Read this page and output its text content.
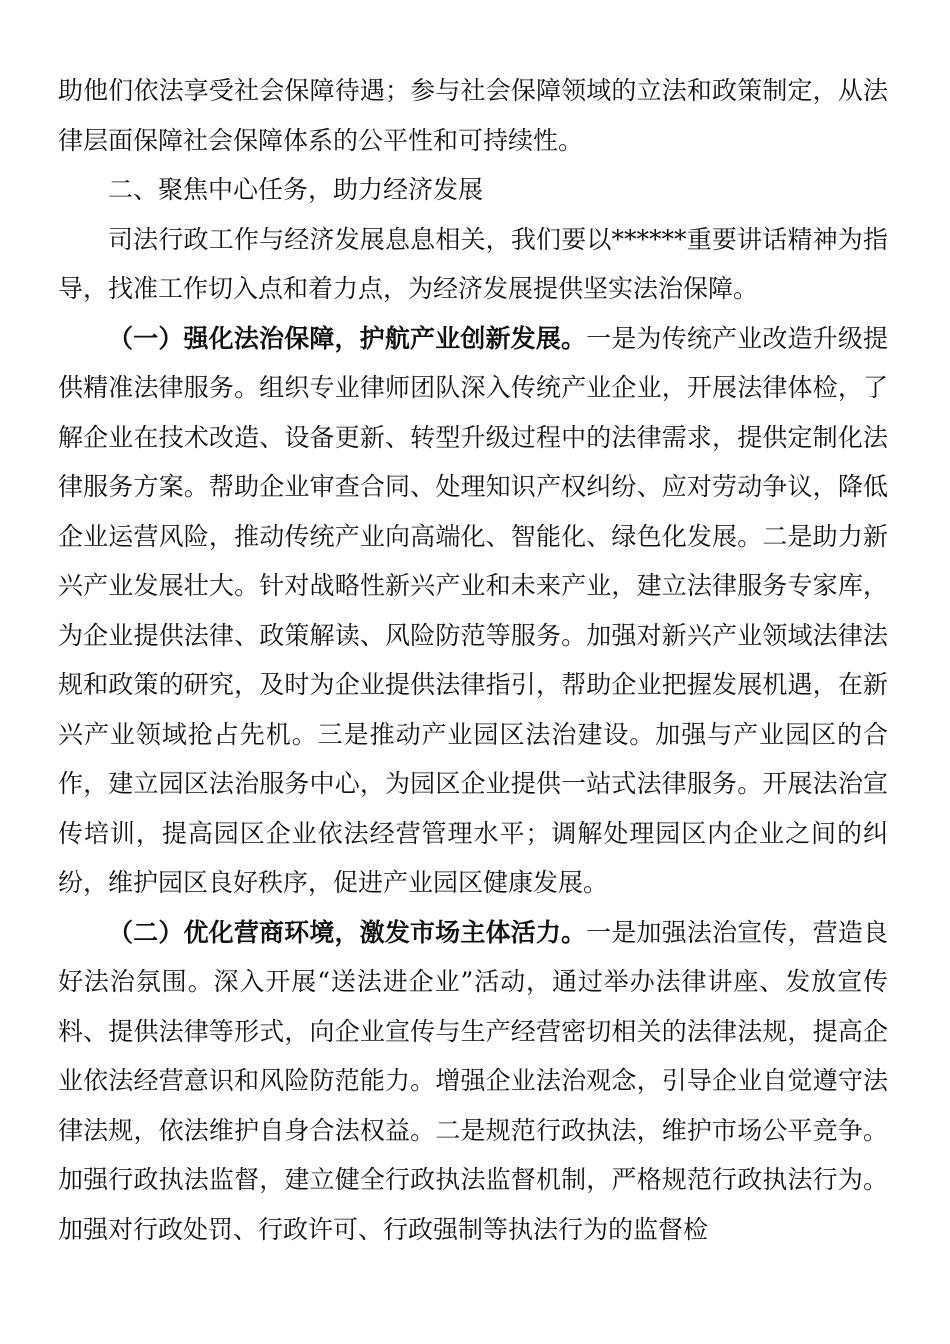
助他们依法享受社会保障待遇；参与社会保障领域的立法和政策制定，从法律层面保障社会保障体系的公平性和可持续性。

二、聚焦中心任务，助力经济发展

司法行政工作与经济发展息息相关，我们要以******重要讲话精神为指导，找准工作切入点和着力点，为经济发展提供坚实法治保障。

（一）强化法治保障，护航产业创新发展。一是为传统产业改造升级提供精准法律服务。组织专业律师团队深入传统产业企业，开展法律体检，了解企业在技术改造、设备更新、转型升级过程中的法律需求，提供定制化法律服务方案。帮助企业审查合同、处理知识产权纠纷、应对劳动争议，降低企业运营风险，推动传统产业向高端化、智能化、绿色化发展。二是助力新兴产业发展壮大。针对战略性新兴产业和未来产业，建立法律服务专家库，为企业提供法律、政策解读、风险防范等服务。加强对新兴产业领域法律法规和政策的研究，及时为企业提供法律指引，帮助企业把握发展机遇，在新兴产业领域抢占先机。三是推动产业园区法治建设。加强与产业园区的合作，建立园区法治服务中心，为园区企业提供一站式法律服务。开展法治宣传培训，提高园区企业依法经营管理水平；调解处理园区内企业之间的纠纷，维护园区良好秩序，促进产业园区健康发展。

（二）优化营商环境，激发市场主体活力。一是加强法治宣传，营造良好法治氛围。深入开展“送法进企业”活动，通过举办法律讲座、发放宣传料、提供法律等形式，向企业宣传与生产经营密切相关的法律法规，提高企业依法经营意识和风险防范能力。增强企业法治观念，引导企业自觉遵守法律法规，依法维护自身合法权益。二是规范行政执法，维护市场公平竞争。加强行政执法监督，建立健全行政执法监督机制，严格规范行政执法行为。加强对行政处罚、行政许可、行政强制等执法行为的监督检
